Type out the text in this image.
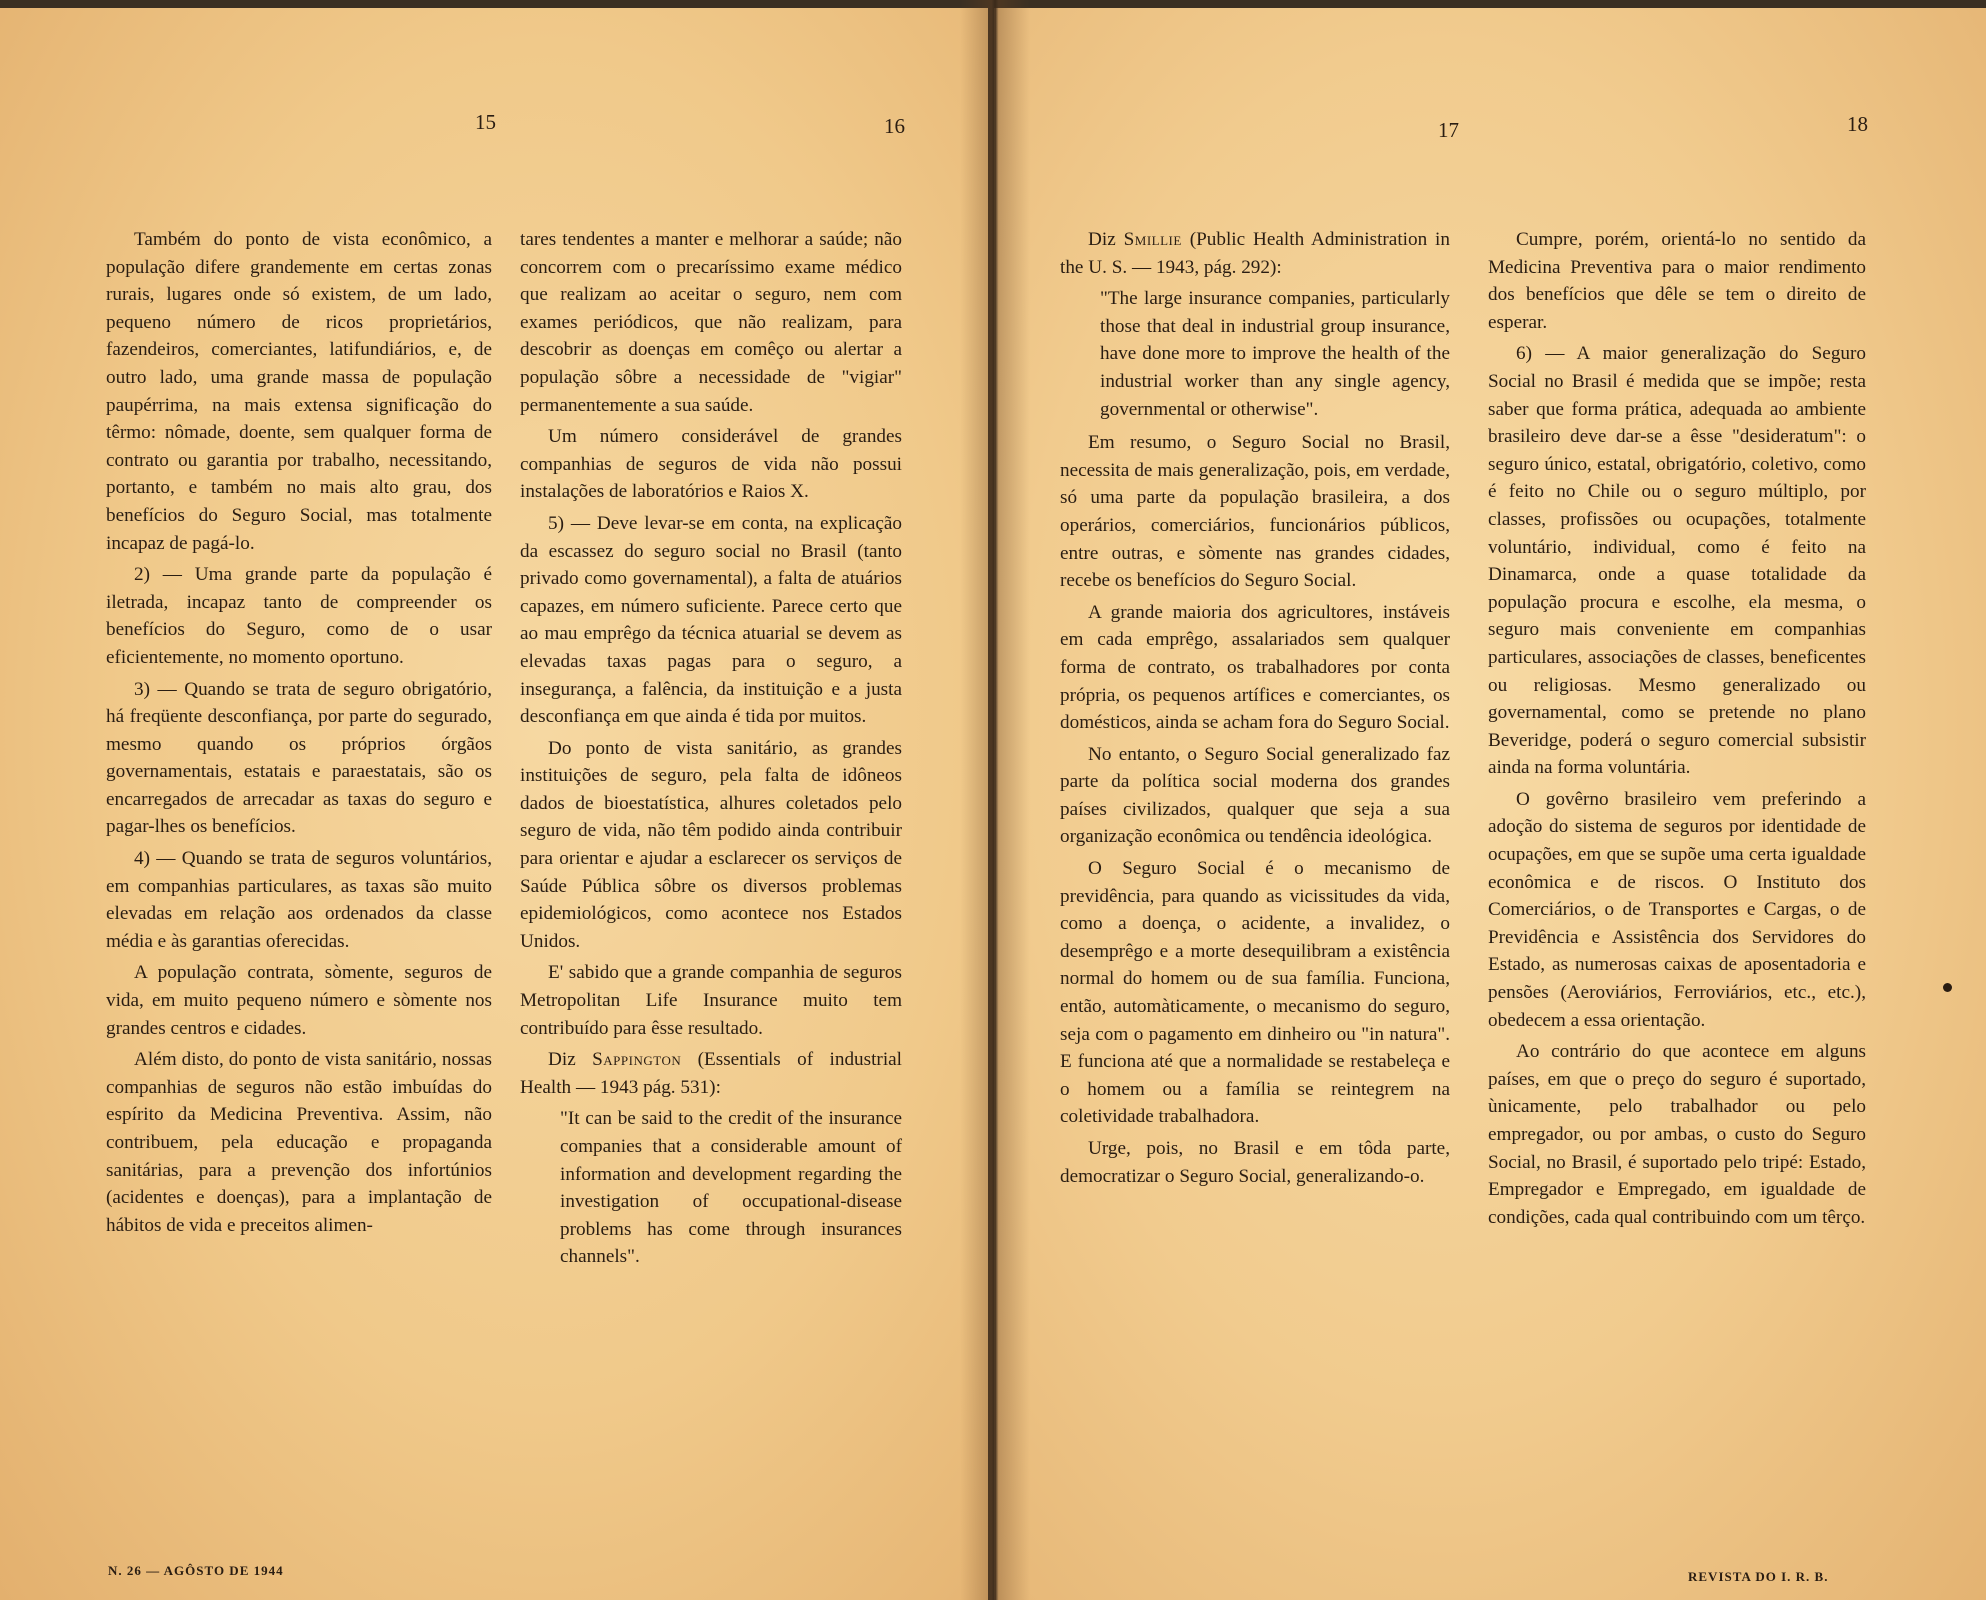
15	16

Também do ponto de vista econômico, a população difere grandemente em certas zonas rurais, lugares onde só existem, de um lado, pequeno número de ricos proprietários, fazendeiros, comerciantes, latifundiários, e, de outro lado, uma grande massa de população paupérrima, na mais extensa significação do têrmo: nômade, doente, sem qualquer forma de contrato ou garantia por trabalho, necessitando, portanto, e também no mais alto grau, dos benefícios do Seguro Social, mas totalmente incapaz de pagá-lo.

2) — Uma grande parte da população é iletrada, incapaz tanto de compreender os benefícios do Seguro, como de o usar eficientemente, no momento oportuno.

3) — Quando se trata de seguro obrigatório, há freqüente desconfiança, por parte do segurado, mesmo quando os próprios órgãos governamentais, estatais e paraestatais, são os encarregados de arrecadar as taxas do seguro e pagar-lhes os benefícios.

4) — Quando se trata de seguros voluntários, em companhias particulares, as taxas são muito elevadas em relação aos ordenados da classe média e às garantias oferecidas.

A população contrata, sòmente, seguros de vida, em muito pequeno número e sòmente nos grandes centros e cidades.

Além disto, do ponto de vista sanitário, nossas companhias de seguros não estão imbuídas do espírito da Medicina Preventiva. Assim, não contribuem, pela educação e propaganda sanitárias, para a prevenção dos infortúnios (acidentes e doenças), para a implantação de hábitos de vida e preceitos alimen-

tares tendentes a manter e melhorar a saúde; não concorrem com o precaríssimo exame médico que realizam ao aceitar o seguro, nem com exames periódicos, que não realizam, para descobrir as doenças em comêço ou alertar a população sôbre a necessidade de "vigiar" permanentemente a sua saúde.

Um número considerável de grandes companhias de seguros de vida não possui instalações de laboratórios e Raios X.

5) — Deve levar-se em conta, na explicação da escassez do seguro social no Brasil (tanto privado como governamental), a falta de atuários capazes, em número suficiente. Parece certo que ao mau emprêgo da técnica atuarial se devem as elevadas taxas pagas para o seguro, a insegurança, a falência, da instituição e a justa desconfiança em que ainda é tida por muitos.

Do ponto de vista sanitário, as grandes instituições de seguro, pela falta de idôneos dados de bioestatística, alhures coletados pelo seguro de vida, não têm podido ainda contribuir para orientar e ajudar a esclarecer os serviços de Saúde Pública sôbre os diversos problemas epidemiológicos, como acontece nos Estados Unidos.

E' sabido que a grande companhia de seguros Metropolitan Life Insurance muito tem contribuído para êsse resultado.

Diz Sappington (Essentials of industrial Health — 1943 pág. 531):

"It can be said to the credit of the insurance companies that a considerable amount of information and development regarding the investigation of occupational-disease problems has come through insurances channels".

N. 26 — AGÔSTO DE 1944
17	18

Diz Smillie (Public Health Administration in the U. S. — 1943, pág. 292):

"The large insurance companies, particularly those that deal in industrial group insurance, have done more to improve the health of the industrial worker than any single agency, governmental or otherwise".

Em resumo, o Seguro Social no Brasil, necessita de mais generalização, pois, em verdade, só uma parte da população brasileira, a dos operários, comerciários, funcionários públicos, entre outras, e sòmente nas grandes cidades, recebe os benefícios do Seguro Social.

A grande maioria dos agricultores, instáveis em cada emprêgo, assalariados sem qualquer forma de contrato, os trabalhadores por conta própria, os pequenos artífices e comerciantes, os domésticos, ainda se acham fora do Seguro Social.

No entanto, o Seguro Social generalizado faz parte da política social moderna dos grandes países civilizados, qualquer que seja a sua organização econômica ou tendência ideológica.

O Seguro Social é o mecanismo de previdência, para quando as vicissitudes da vida, como a doença, o acidente, a invalidez, o desemprêgo e a morte desequilibram a existência normal do homem ou de sua família. Funciona, então, automàticamente, o mecanismo do seguro, seja com o pagamento em dinheiro ou "in natura". E funciona até que a normalidade se restabeleça e o homem ou a família se reintegrem na coletividade trabalhadora.

Urge, pois, no Brasil e em tôda parte, democratizar o Seguro Social, generalizando-o.

Cumpre, porém, orientá-lo no sentido da Medicina Preventiva para o maior rendimento dos benefícios que dêle se tem o direito de esperar.

6) — A maior generalização do Seguro Social no Brasil é medida que se impõe; resta saber que forma prática, adequada ao ambiente brasileiro deve dar-se a êsse "desideratum": o seguro único, estatal, obrigatório, coletivo, como é feito no Chile ou o seguro múltiplo, por classes, profissões ou ocupações, totalmente voluntário, individual, como é feito na Dinamarca, onde a quase totalidade da população procura e escolhe, ela mesma, o seguro mais conveniente em companhias particulares, associações de classes, beneficentes ou religiosas. Mesmo generalizado ou governamental, como se pretende no plano Beveridge, poderá o seguro comercial subsistir ainda na forma voluntária.

O govêrno brasileiro vem preferindo a adoção do sistema de seguros por identidade de ocupações, em que se supõe uma certa igualdade econômica e de riscos. O Instituto dos Comerciários, o de Transportes e Cargas, o de Previdência e Assistência dos Servidores do Estado, as numerosas caixas de aposentadoria e pensões (Aeroviários, Ferroviários, etc., etc.), obedecem a essa orientação.

Ao contrário do que acontece em alguns países, em que o preço do seguro é suportado, ùnicamente, pelo trabalhador ou pelo empregador, ou por ambas, o custo do Seguro Social, no Brasil, é suportado pelo tripé: Estado, Empregador e Empregado, em igualdade de condições, cada qual contribuindo com um têrço.

REVISTA DO I. R. B.
